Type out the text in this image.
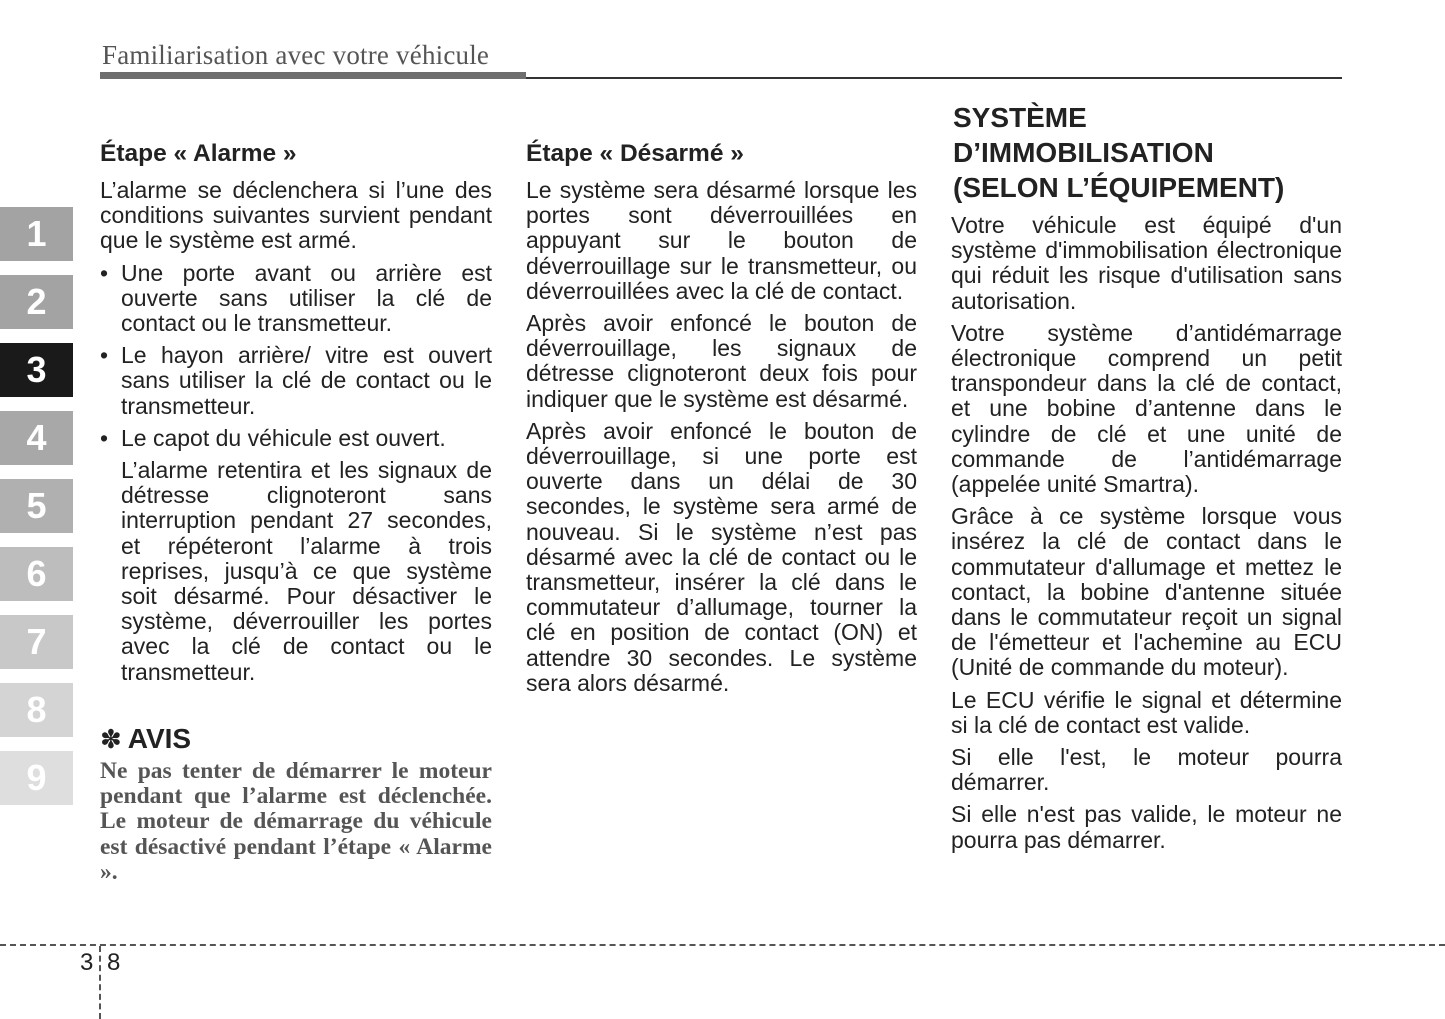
Familiarisation avec votre véhicule
1
2
3
4
5
6
7
8
9
Étape « Alarme »

L’alarme se déclenchera si l’une des conditions suivantes survient pendant que le système est armé.

• Une porte avant ou arrière est ouverte sans utiliser la clé de contact ou le transmetteur.
• Le hayon arrière/ vitre est ouvert sans utiliser la clé de contact ou le transmetteur.
• Le capot du véhicule est ouvert.

L’alarme retentira et les signaux de détresse clignoteront sans interruption pendant 27 secondes, et répéteront l’alarme à trois reprises, jusqu’à ce que système soit désarmé. Pour désactiver le système, déverrouiller les portes avec la clé de contact ou le transmetteur.

✽ AVIS

Ne pas tenter de démarrer le moteur pendant que l’alarme est déclenchée. Le moteur de démarrage du véhicule est désactivé pendant l’étape « Alarme ».

Étape « Désarmé »

Le système sera désarmé lorsque les portes sont déverrouillées en appuyant sur le bouton de déverrouillage sur le transmetteur, ou déverrouillées avec la clé de contact.

Après avoir enfoncé le bouton de déverrouillage, les signaux de détresse clignoteront deux fois pour indiquer que le système est désarmé.

Après avoir enfoncé le bouton de déverrouillage, si une porte est ouverte dans un délai de 30 secondes, le système sera armé de nouveau. Si le système n’est pas désarmé avec la clé de contact ou le transmetteur, insérer la clé dans le commutateur d’allumage, tourner la clé en position de contact (ON) et attendre 30 secondes. Le système sera alors désarmé.

SYSTÈME
D’IMMOBILISATION
(SELON L’ÉQUIPEMENT)

Votre véhicule est équipé d'un système d'immobilisation électronique qui réduit les risque d'utilisation sans autorisation.

Votre système d’antidémarrage électronique comprend un petit transpondeur dans la clé de contact, et une bobine d’antenne dans le cylindre de clé et une unité de commande de l’antidémarrage (appelée unité Smartra).

Grâce à ce système lorsque vous insérez la clé de contact dans le commutateur d'allumage et mettez le contact, la bobine d'antenne située dans le commutateur reçoit un signal de l'émetteur et l'achemine au ECU (Unité de commande du moteur).

Le ECU vérifie le signal et détermine si la clé de contact est valide.

Si elle l'est, le moteur pourra démarrer.

Si elle n'est pas valide, le moteur ne pourra pas démarrer.

3 8
